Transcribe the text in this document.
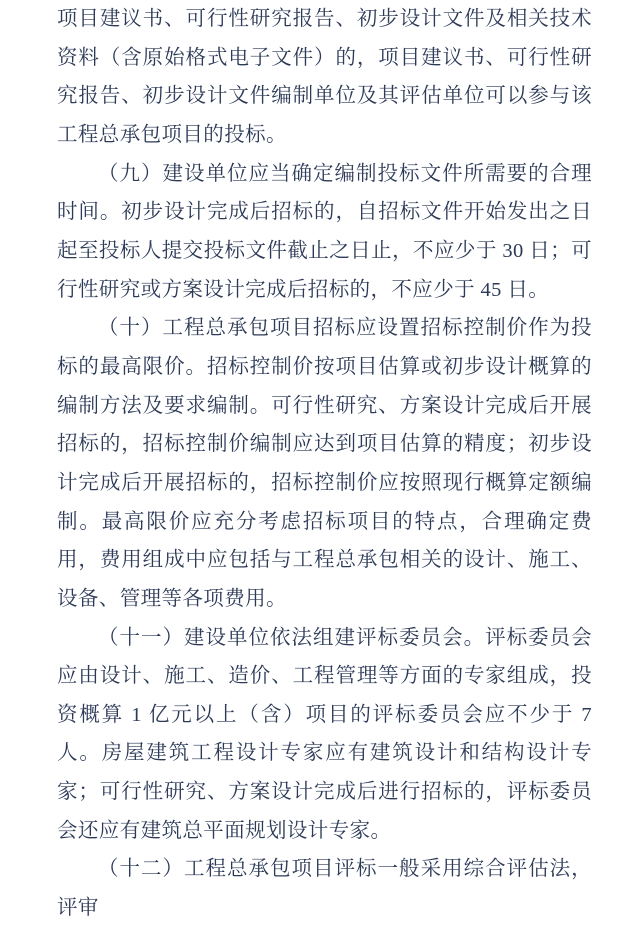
项目建议书、可行性研究报告、初步设计文件及相关技术资料（含原始格式电子文件）的，项目建议书、可行性研究报告、初步设计文件编制单位及其评估单位可以参与该工程总承包项目的投标。

（九）建设单位应当确定编制投标文件所需要的合理时间。初步设计完成后招标的，自招标文件开始发出之日起至投标人提交投标文件截止之日止，不应少于 30 日；可行性研究或方案设计完成后招标的，不应少于 45 日。

（十）工程总承包项目招标应设置招标控制价作为投标的最高限价。招标控制价按项目估算或初步设计概算的编制方法及要求编制。可行性研究、方案设计完成后开展招标的，招标控制价编制应达到项目估算的精度；初步设计完成后开展招标的，招标控制价应按照现行概算定额编制。最高限价应充分考虑招标项目的特点，合理确定费用，费用组成中应包括与工程总承包相关的设计、施工、设备、管理等各项费用。

（十一）建设单位依法组建评标委员会。评标委员会应由设计、施工、造价、工程管理等方面的专家组成，投资概算 1 亿元以上（含）项目的评标委员会应不少于 7 人。房屋建筑工程设计专家应有建筑设计和结构设计专家；可行性研究、方案设计完成后进行招标的，评标委员会还应有建筑总平面规划设计专家。

（十二）工程总承包项目评标一般采用综合评估法，评审
